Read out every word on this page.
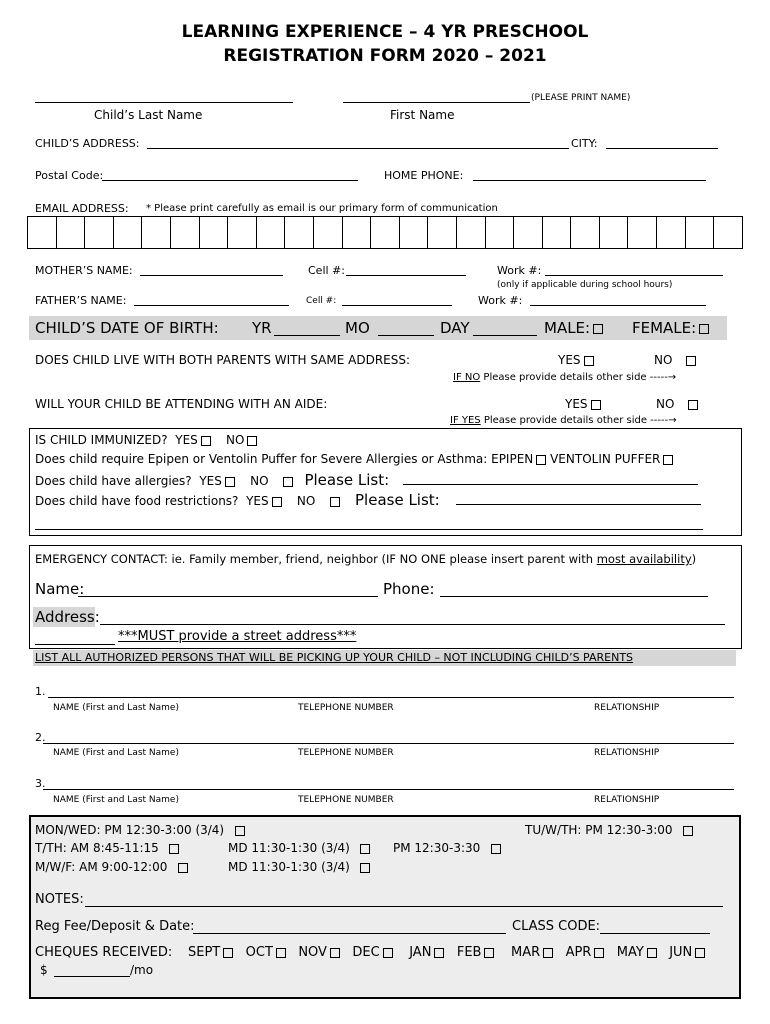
LEARNING EXPERIENCE – 4 YR PRESCHOOL
REGISTRATION FORM 2020 – 2021
(PLEASE PRINT NAME)
Child’s Last Name	First Name
CHILD’S ADDRESS:	CITY:
Postal Code:	HOME PHONE:
EMAIL ADDRESS: * Please print carefully as email is our primary form of communication
MOTHER’S NAME:	Cell #:	Work #:
(only if applicable during school hours)
FATHER’S NAME:	Cell #:	Work #:
CHILD’S DATE OF BIRTH: YR	MO	DAY	MALE:	FEMALE:
DOES CHILD LIVE WITH BOTH PARENTS WITH SAME ADDRESS:	YES	NO
IF NO Please provide details other side -----→
WILL YOUR CHILD BE ATTENDING WITH AN AIDE:	YES	NO
IF YES Please provide details other side -----→
IS CHILD IMMUNIZED? YES NO
Does child require Epipen or Ventolin Puffer for Severe Allergies or Asthma: EPIPEN VENTOLIN PUFFER
Does child have allergies? YES NO Please List:
Does child have food restrictions? YES NO	Please List:
EMERGENCY CONTACT: ie. Family member, friend, neighbor (IF NO ONE please insert parent with most availability)
Name:	Phone:
Address:
***MUST provide a street address***
LIST ALL AUTHORIZED PERSONS THAT WILL BE PICKING UP YOUR CHILD – NOT INCLUDING CHILD’S PARENTS
1.
NAME (First and Last Name)	TELEPHONE NUMBER	RELATIONSHIP
2.
NAME (First and Last Name)	TELEPHONE NUMBER	RELATIONSHIP
3.
NAME (First and Last Name)	TELEPHONE NUMBER	RELATIONSHIP
MON/WED: PM 12:30-3:00 (3/4)	TU/W/TH: PM 12:30-3:00
T/TH: AM 8:45-11:15	MD 11:30-1:30 (3/4)	PM 12:30-3:30
M/W/F: AM 9:00-12:00	MD 11:30-1:30 (3/4)
NOTES:
Reg Fee/Deposit & Date:	CLASS CODE:
CHEQUES RECEIVED: SEPT OCT NOV DEC JAN FEB MAR APR MAY JUN
$	/mo
